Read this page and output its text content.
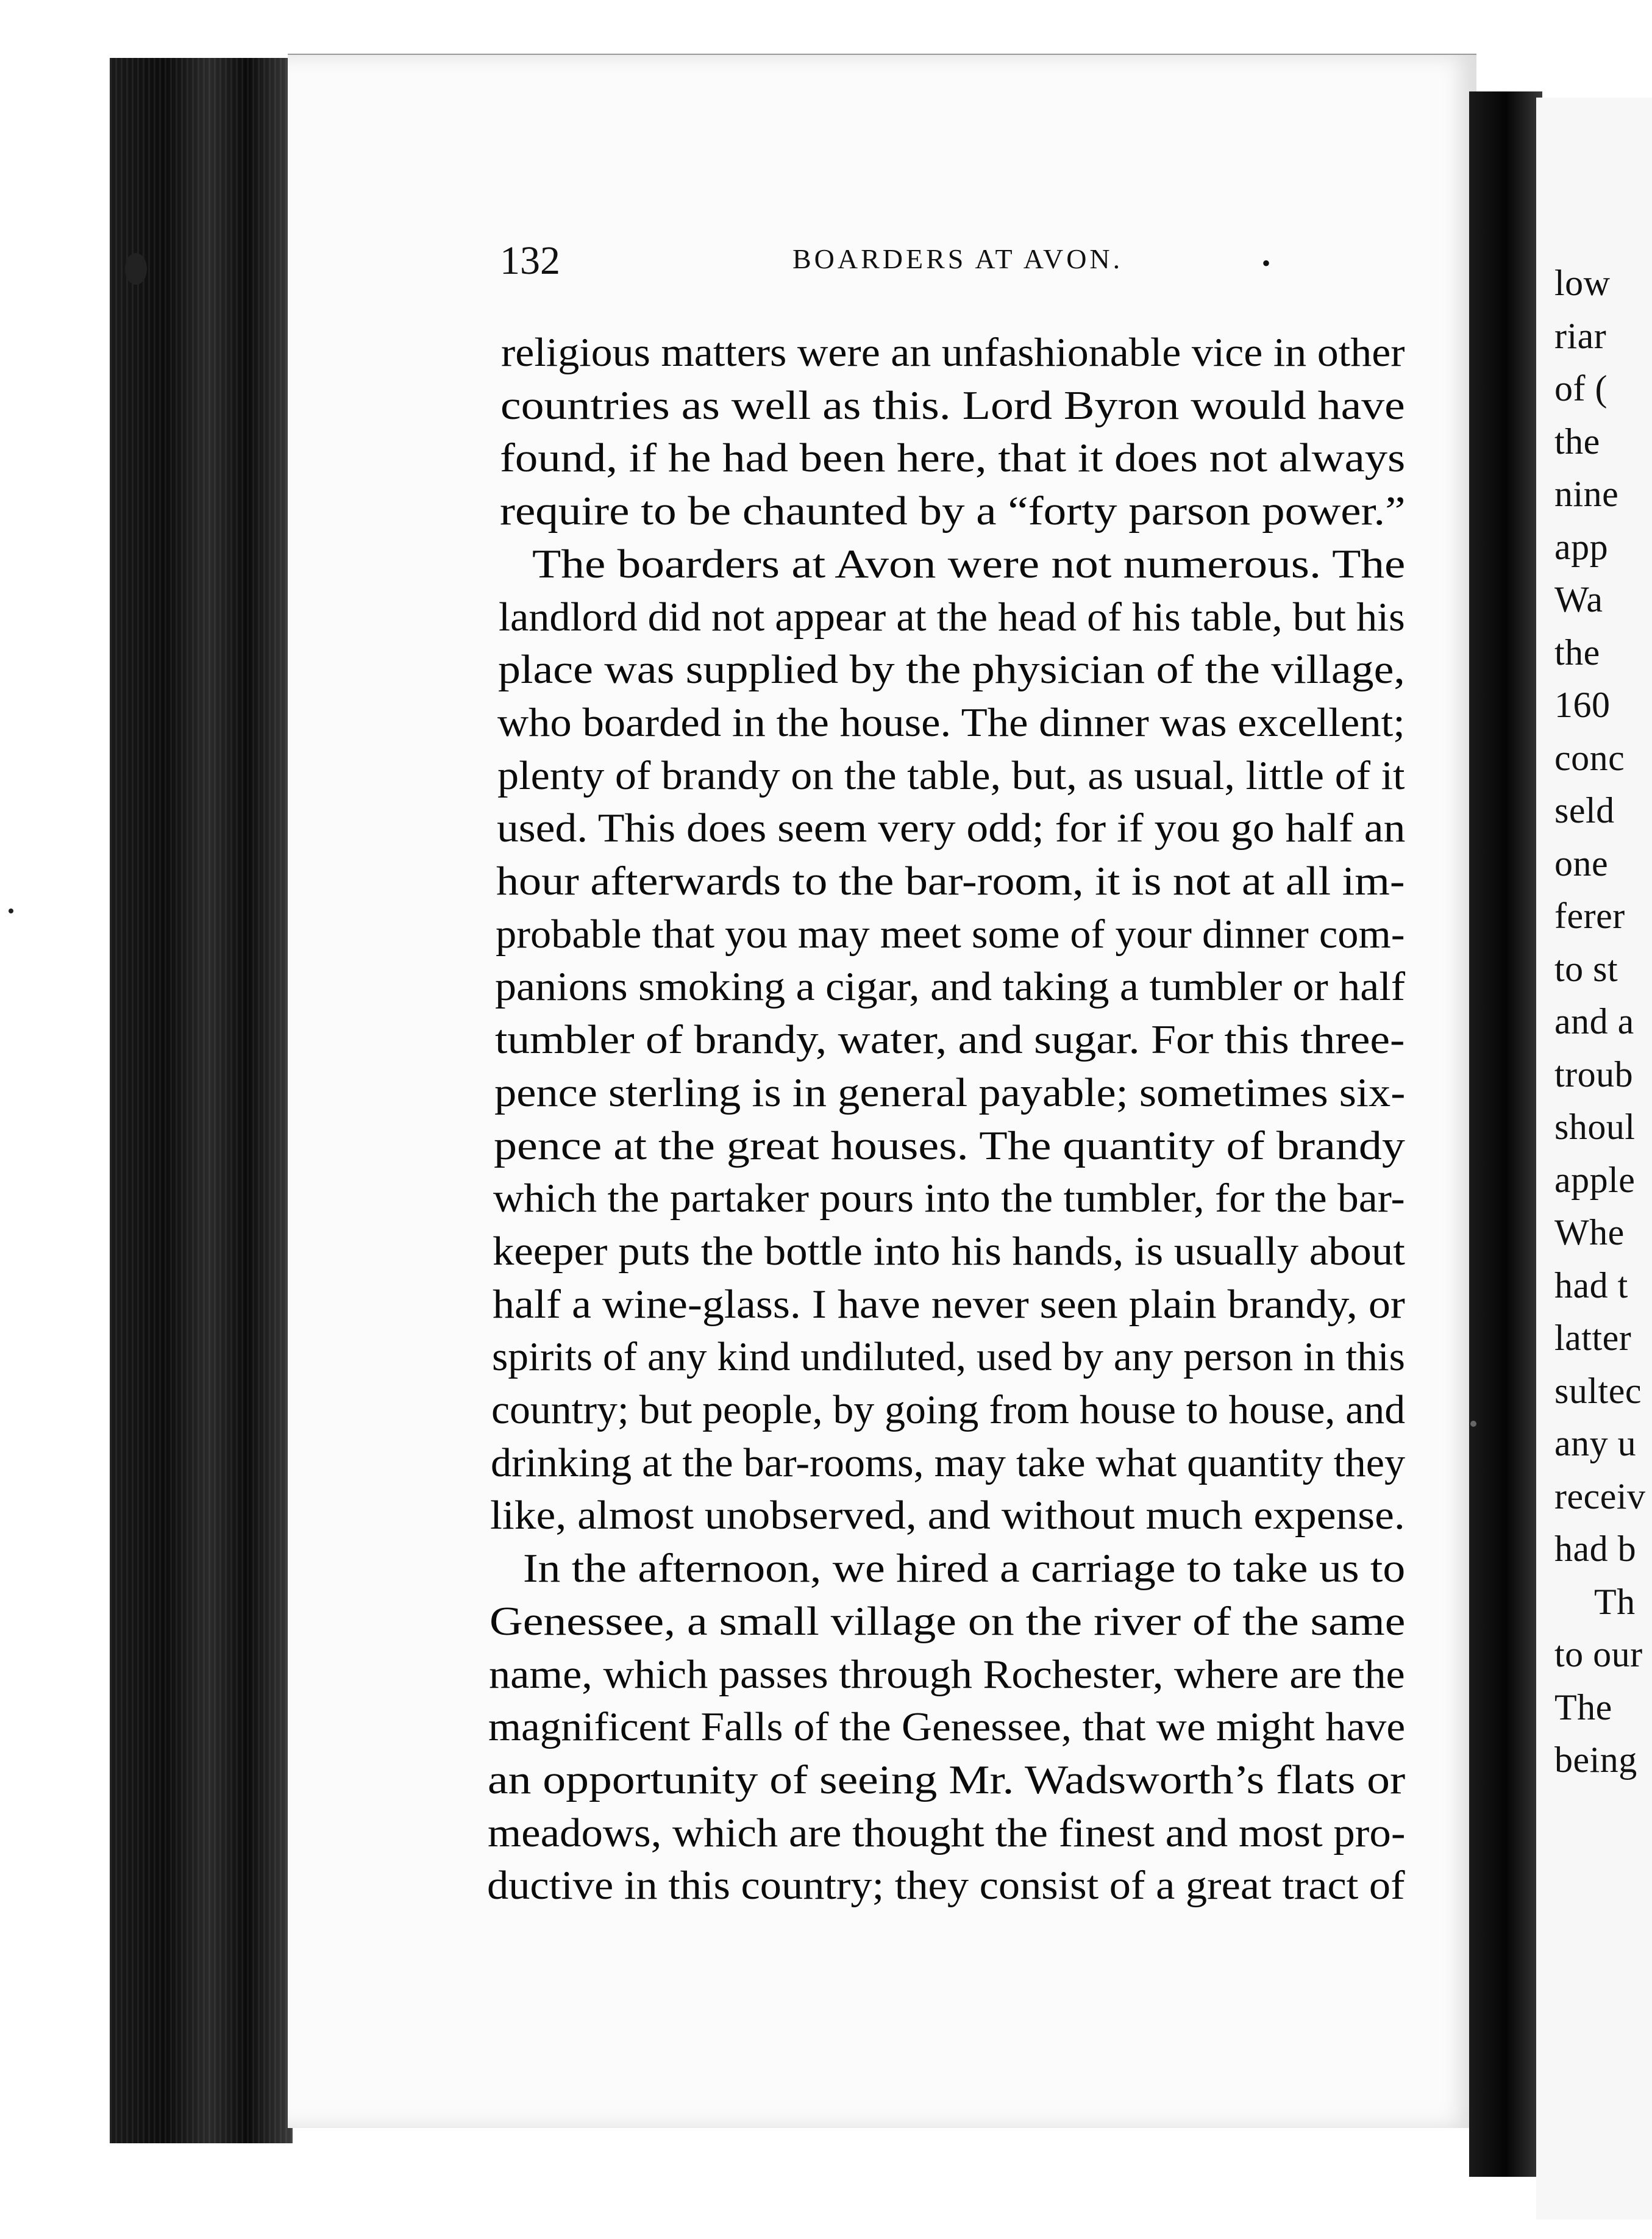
low
riar
of (
the
nine
app
Wa
the
160
conc
seld
one
ferer
to st
and a
troub
shoul
apple
Whe
had t
latter
sultec
any u
receiv
had b
Th
to our
The
being
132	BOARDERS AT AVON.	•
religious matters were an unfashionable vice in other
countries as well as this. Lord Byron would have
found, if he had been here, that it does not always
require to be chaunted by a “forty parson power.”
The boarders at Avon were not numerous. The
landlord did not appear at the head of his table, but his
place was supplied by the physician of the village,
who boarded in the house. The dinner was excellent;
plenty of brandy on the table, but, as usual, little of it
used. This does seem very odd; for if you go half an
hour afterwards to the bar-room, it is not at all im-
probable that you may meet some of your dinner com-
panions smoking a cigar, and taking a tumbler or half
tumbler of brandy, water, and sugar. For this three-
pence sterling is in general payable; sometimes six-
pence at the great houses. The quantity of brandy
which the partaker pours into the tumbler, for the bar-
keeper puts the bottle into his hands, is usually about
half a wine-glass. I have never seen plain brandy, or
spirits of any kind undiluted, used by any person in this
country; but people, by going from house to house, and
drinking at the bar-rooms, may take what quantity they
like, almost unobserved, and without much expense.
In the afternoon, we hired a carriage to take us to
Genessee, a small village on the river of the same
name, which passes through Rochester, where are the
magnificent Falls of the Genessee, that we might have
an opportunity of seeing Mr. Wadsworth’s flats or
meadows, which are thought the finest and most pro-
ductive in this country; they consist of a great tract of
